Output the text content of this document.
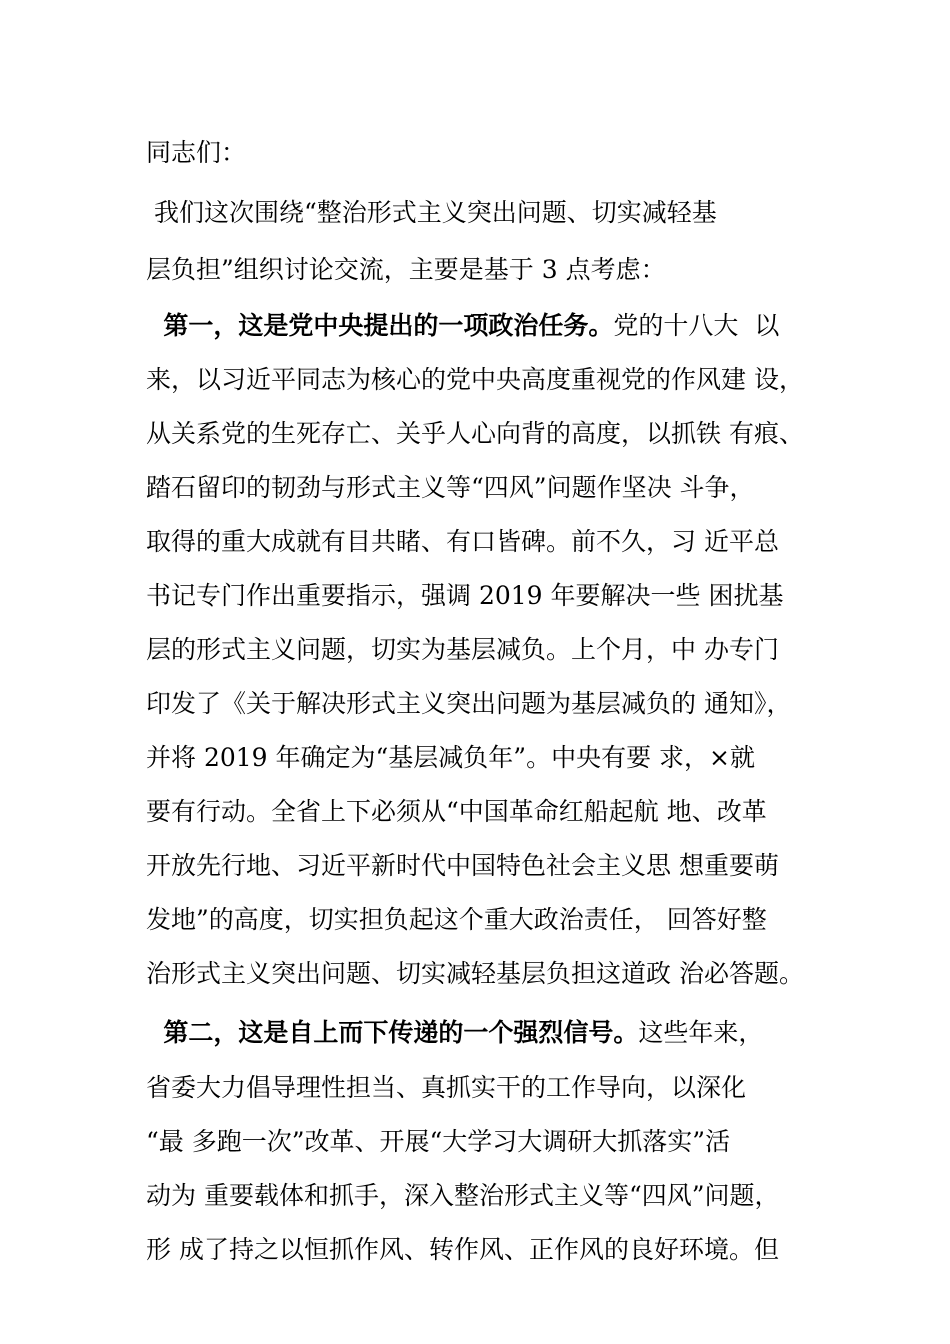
同志们：
我们这次围绕“整治形式主义突出问题、切实减轻基
层负担”组织讨论交流，主要是基于 3 点考虑：
第一，这是党中央提出的一项政治任务。党的十八大  以
来，以习近平同志为核心的党中央高度重视党的作风建 设，
从关系党的生死存亡、关乎人心向背的高度，以抓铁 有痕、
踏石留印的韧劲与形式主义等“四风”问题作坚决 斗争，
取得的重大成就有目共睹、有口皆碑。前不久，习 近平总
书记专门作出重要指示，强调 2019 年要解决一些 困扰基
层的形式主义问题，切实为基层减负。上个月，中 办专门
印发了《关于解决形式主义突出问题为基层减负的 通知》，
并将 2019 年确定为“基层减负年”。中央有要 求，×就
要有行动。全省上下必须从“中国革命红船起航 地、改革
开放先行地、习近平新时代中国特色社会主义思 想重要萌
发地”的高度，切实担负起这个重大政治责任， 回答好整
治形式主义突出问题、切实减轻基层负担这道政 治必答题。
第二，这是自上而下传递的一个强烈信号。这些年来，
省委大力倡导理性担当、真抓实干的工作导向，以深化
“最 多跑一次”改革、开展“大学习大调研大抓落实”活
动为 重要载体和抓手，深入整治形式主义等“四风”问题，
形 成了持之以恒抓作风、转作风、正作风的良好环境。但
